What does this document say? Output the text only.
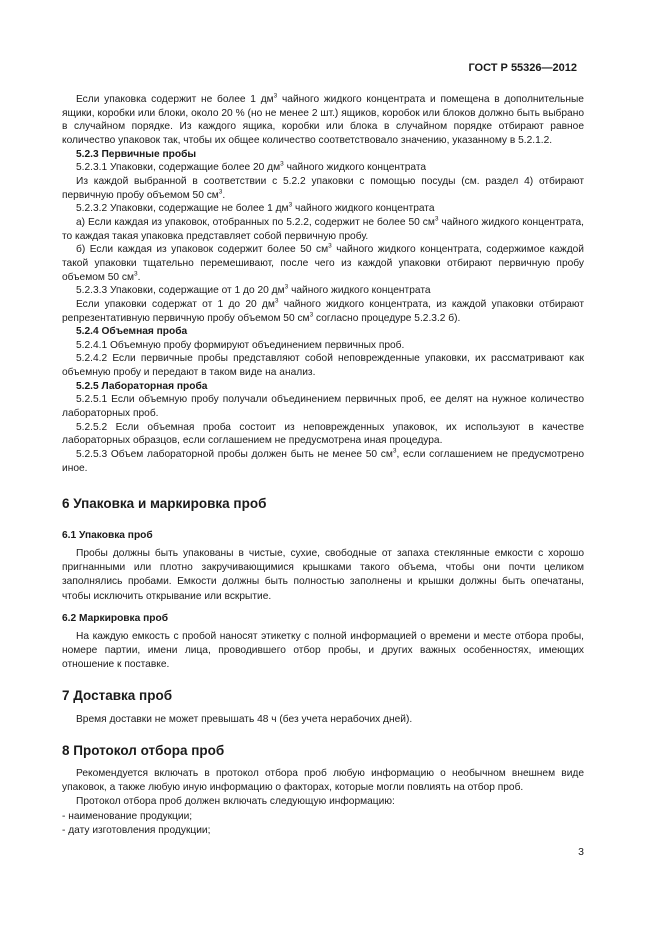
ГОСТ Р 55326—2012

Если упаковка содержит не более 1 $дм^3$ чайного жидкого концентрата и помещена в дополнительные ящики, коробки или блоки, около 20 % (но не менее 2 шт.) ящиков, коробок или блоков должно быть выбрано в случайном порядке. Из каждого ящика, коробки или блока в случайном порядке отбирают равное количество упаковок так, чтобы их общее количество соответствовало значению, указанному в 5.2.1.2.

5.2.3 Первичные пробы

5.2.3.1 Упаковки, содержащие более 20 $дм^3$ чайного жидкого концентрата

Из каждой выбранной в соответствии с 5.2.2 упаковки с помощью посуды (см. раздел 4) отбирают первичную пробу объемом 50 $см^3$.

5.2.3.2 Упаковки, содержащие не более 1 $дм^3$ чайного жидкого концентрата

а) Если каждая из упаковок, отобранных по 5.2.2, содержит не более 50 $см^3$ чайного жидкого концентрата, то каждая такая упаковка представляет собой первичную пробу.

б) Если каждая из упаковок содержит более 50 $см^3$ чайного жидкого концентрата, содержимое каждой такой упаковки тщательно перемешивают, после чего из каждой упаковки отбирают первичную пробу объемом 50 $см^3$.

5.2.3.3 Упаковки, содержащие от 1 до 20 $дм^3$ чайного жидкого концентрата

Если упаковки содержат от 1 до 20 $дм^3$ чайного жидкого концентрата, из каждой упаковки отбирают репрезентативную первичную пробу объемом 50 $см^3$ согласно процедуре 5.2.3.2 б).

5.2.4 Объемная проба

5.2.4.1 Объемную пробу формируют объединением первичных проб.

5.2.4.2 Если первичные пробы представляют собой неповрежденные упаковки, их рассматривают как объемную пробу и передают в таком виде на анализ.

5.2.5 Лабораторная проба

5.2.5.1 Если объемную пробу получали объединением первичных проб, ее делят на нужное количество лабораторных проб.

5.2.5.2 Если объемная проба состоит из неповрежденных упаковок, их используют в качестве лабораторных образцов, если соглашением не предусмотрена иная процедура.

5.2.5.3 Объем лабораторной пробы должен быть не менее 50 $см^3$, если соглашением не предусмотрено иное.

6 Упаковка и маркировка проб
6.1 Упаковка проб

Пробы должны быть упакованы в чистые, сухие, свободные от запаха стеклянные емкости с хорошо пригнанными или плотно закручивающимися крышками такого объема, чтобы они почти целиком заполнялись пробами. Емкости должны быть полностью заполнены и крышки должны быть опечатаны, чтобы исключить открывание или вскрытие.

6.2 Маркировка проб

На каждую емкость с пробой наносят этикетку с полной информацией о времени и месте отбора пробы, номере партии, имени лица, проводившего отбор пробы, и других важных особенностях, имеющих отношение к поставке.

7 Доставка проб

Время доставки не может превышать 48 ч (без учета нерабочих дней).

8 Протокол отбора проб

Рекомендуется включать в протокол отбора проб любую информацию о необычном внешнем виде упаковок, а также любую иную информацию о факторах, которые могли повлиять на отбор проб.

Протокол отбора проб должен включать следующую информацию:

- наименование продукции;

- дату изготовления продукции;

3
